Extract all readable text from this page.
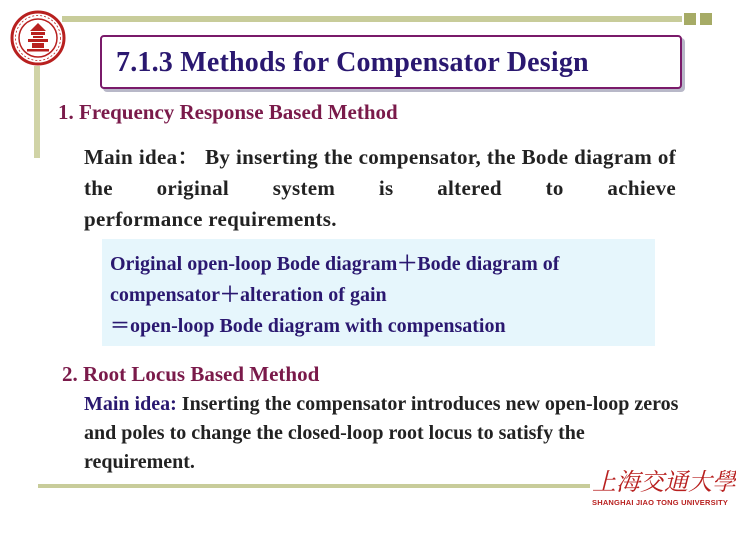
7.1.3 Methods for Compensator Design
1. Frequency Response Based Method
Main idea： By inserting the compensator, the Bode diagram of the original system is altered to achieve
performance requirements.
Original open-loop Bode diagram＋Bode diagram of
compensator＋alteration of gain
＝open-loop Bode diagram with compensation
2. Root Locus Based Method
Main idea: Inserting the compensator introduces new open-loop zeros and poles to change the closed-loop root locus to satisfy the requirement.
上海交通大學
SHANGHAI JIAO TONG UNIVERSITY
